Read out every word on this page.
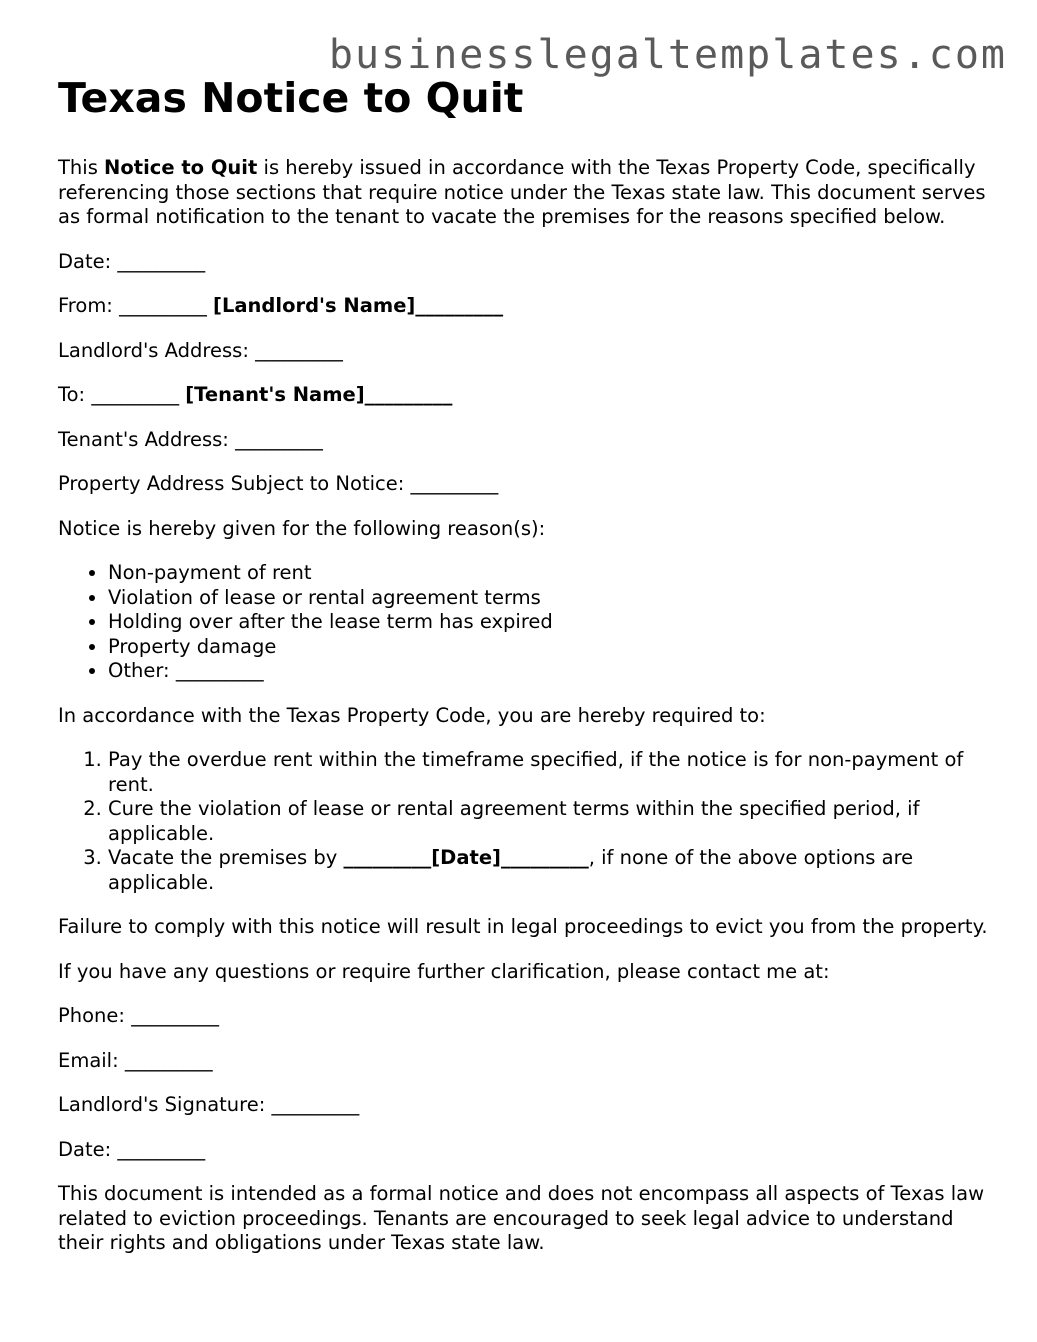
businesslegaltemplates.com
Texas Notice to Quit

This Notice to Quit is hereby issued in accordance with the Texas Property Code, specifically referencing those sections that require notice under the Texas state law. This document serves as formal notification to the tenant to vacate the premises for the reasons specified below.

Date: _________

From: _________ [Landlord's Name]_________

Landlord's Address: _________

To: _________ [Tenant's Name]_________

Tenant's Address: _________

Property Address Subject to Notice: _________

Notice is hereby given for the following reason(s):

• Non-payment of rent
• Violation of lease or rental agreement terms
• Holding over after the lease term has expired
• Property damage
• Other: _________

In accordance with the Texas Property Code, you are hereby required to:

1. Pay the overdue rent within the timeframe specified, if the notice is for non-payment of rent.
2. Cure the violation of lease or rental agreement terms within the specified period, if applicable.
3. Vacate the premises by _________[Date]_________, if none of the above options are applicable.

Failure to comply with this notice will result in legal proceedings to evict you from the property.

If you have any questions or require further clarification, please contact me at:

Phone: _________

Email: _________

Landlord's Signature: _________

Date: _________

This document is intended as a formal notice and does not encompass all aspects of Texas law related to eviction proceedings. Tenants are encouraged to seek legal advice to understand their rights and obligations under Texas state law.
